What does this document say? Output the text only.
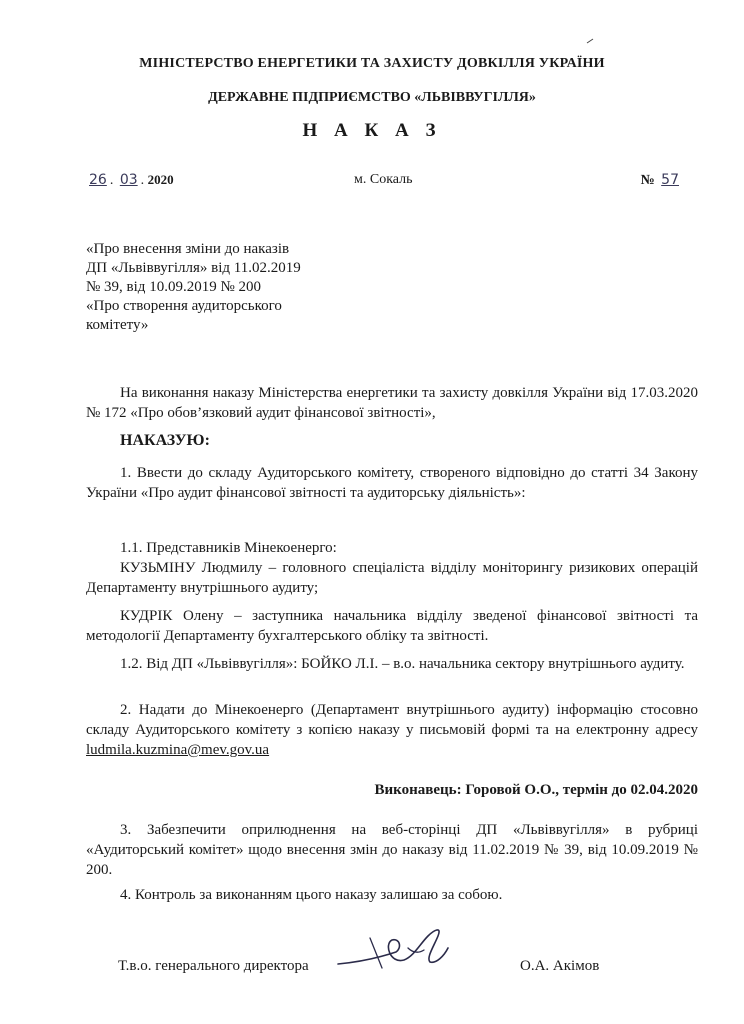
МІНІСТЕРСТВО ЕНЕРГЕТИКИ ТА ЗАХИСТУ ДОВКІЛЛЯ УКРАЇНИ
ДЕРЖАВНЕ ПІДПРИЄМСТВО «ЛЬВІВВУГІЛЛЯ»
Н А К А З
26 . 03 . 2020	м. Сокаль	№ 57
«Про внесення зміни до наказів
ДП «Львіввугілля» від 11.02.2019
№ 39, від 10.09.2019 № 200
«Про створення аудиторського
комітету»
На виконання наказу Міністерства енергетики та захисту довкілля України від 17.03.2020 № 172 «Про обов’язковий аудит фінансової звітності»,
НАКАЗУЮ:
1. Ввести до складу Аудиторського комітету, створеного відповідно до статті 34 Закону України «Про аудит фінансової звітності та аудиторську діяльність»:
1.1. Представників Мінекоенерго:
КУЗЬМІНУ Людмилу – головного спеціаліста відділу моніторингу ризикових операцій Департаменту внутрішнього аудиту;
КУДРІК Олену – заступника начальника відділу зведеної фінансової звітності та методології Департаменту бухгалтерського обліку та звітності.
1.2. Від ДП «Львіввугілля»: БОЙКО Л.І. – в.о. начальника сектору внутрішнього аудиту.
2. Надати до Мінекоенерго (Департамент внутрішнього аудиту) інформацію стосовно складу Аудиторського комітету з копією наказу у письмовій формі та на електронну адресу ludmila.kuzmina@mev.gov.ua
Виконавець: Горовой О.О., термін до 02.04.2020
3. Забезпечити оприлюднення на веб-сторінці ДП «Львіввугілля» в рубриці «Аудиторський комітет» щодо внесення змін до наказу від 11.02.2019 № 39, від 10.09.2019 № 200.
4. Контроль за виконанням цього наказу залишаю за собою.
Т.в.о. генерального директора	О.А. Акімов
